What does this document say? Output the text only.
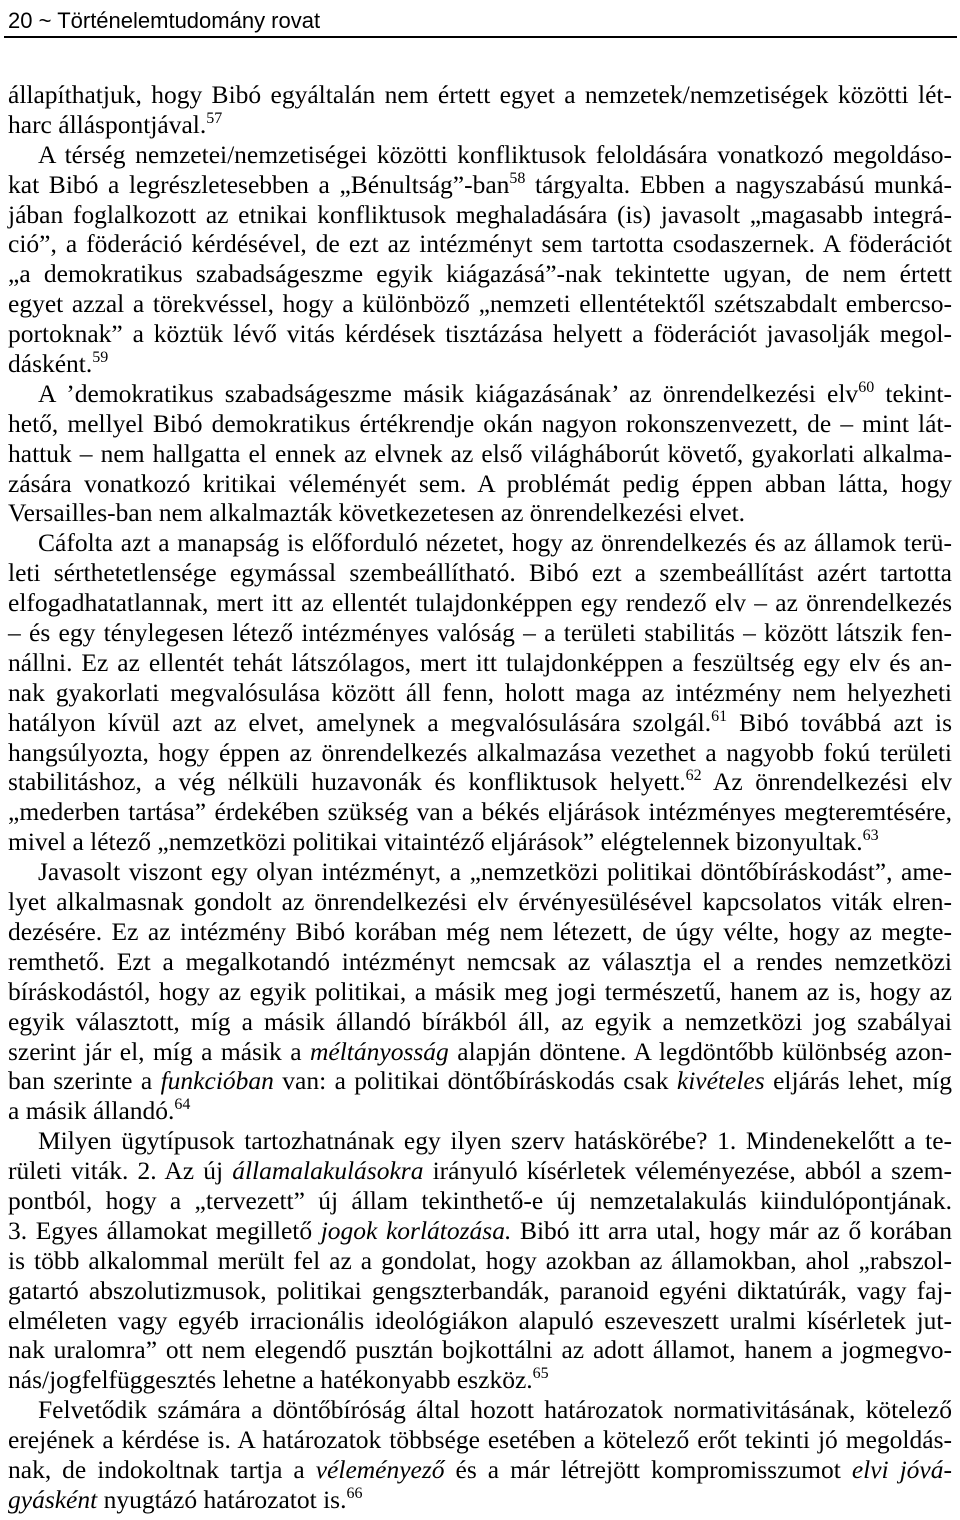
20 ~ Történelemtudomány rovat
állapíthatjuk, hogy Bibó egyáltalán nem értett egyet a nemzetek/nemzetiségek közötti lét-
harc álláspontjával.$^{57}$
A térség nemzetei/nemzetiségei közötti konfliktusok feloldására vonatkozó megoldáso-
kat Bibó a legrészletesebben a „Bénultság”-ban$^{58}$ tárgyalta. Ebben a nagyszabású munká-
jában foglalkozott az etnikai konfliktusok meghaladására (is) javasolt „magasabb integrá-
ció”, a föderáció kérdésével, de ezt az intézményt sem tartotta csodaszernek. A föderációt
„a demokratikus szabadságeszme egyik kiágazásá”-nak tekintette ugyan, de nem értett
egyet azzal a törekvéssel, hogy a különböző „nemzeti ellentétektől szétszabdalt embercso-
portoknak” a köztük lévő vitás kérdések tisztázása helyett a föderációt javasolják megol-
dásként.$^{59}$
A ’demokratikus szabadságeszme másik kiágazásának’ az önrendelkezési elv$^{60}$ tekint-
hető, mellyel Bibó demokratikus értékrendje okán nagyon rokonszenvezett, de – mint lát-
hattuk – nem hallgatta el ennek az elvnek az első világháborút követő, gyakorlati alkalma-
zására vonatkozó kritikai véleményét sem. A problémát pedig éppen abban látta, hogy
Versailles-ban nem alkalmazták következetesen az önrendelkezési elvet.
Cáfolta azt a manapság is előforduló nézetet, hogy az önrendelkezés és az államok terü-
leti sérthetetlensége egymással szembeállítható. Bibó ezt a szembeállítást azért tartotta
elfogadhatatlannak, mert itt az ellentét tulajdonképpen egy rendező elv – az önrendelkezés
– és egy ténylegesen létező intézményes valóság – a területi stabilitás – között látszik fen-
nállni. Ez az ellentét tehát látszólagos, mert itt tulajdonképpen a feszültség egy elv és an-
nak gyakorlati megvalósulása között áll fenn, holott maga az intézmény nem helyezheti
hatályon kívül azt az elvet, amelynek a megvalósulására szolgál.$^{61}$ Bibó továbbá azt is
hangsúlyozta, hogy éppen az önrendelkezés alkalmazása vezethet a nagyobb fokú területi
stabilitáshoz, a vég nélküli huzavonák és konfliktusok helyett.$^{62}$ Az önrendelkezési elv
„mederben tartása” érdekében szükség van a békés eljárások intézményes megteremtésére,
mivel a létező „nemzetközi politikai vitaintéző eljárások” elégtelennek bizonyultak.$^{63}$
Javasolt viszont egy olyan intézményt, a „nemzetközi politikai döntőbíráskodást”, ame-
lyet alkalmasnak gondolt az önrendelkezési elv érvényesülésével kapcsolatos viták elren-
dezésére. Ez az intézmény Bibó korában még nem létezett, de úgy vélte, hogy az megte-
remthető. Ezt a megalkotandó intézményt nemcsak az választja el a rendes nemzetközi
bíráskodástól, hogy az egyik politikai, a másik meg jogi természetű, hanem az is, hogy az
egyik választott, míg a másik állandó bírákból áll, az egyik a nemzetközi jog szabályai
szerint jár el, míg a másik a méltányosság alapján döntene. A legdöntőbb különbség azon-
ban szerinte a funkcióban van: a politikai döntőbíráskodás csak kivételes eljárás lehet, míg
a másik állandó.$^{64}$
Milyen ügytípusok tartozhatnának egy ilyen szerv hatáskörébe? 1. Mindenekelőtt a te-
rületi viták. 2. Az új államalakulásokra irányuló kísérletek véleményezése, abból a szem-
pontból, hogy a „tervezett” új állam tekinthető-e új nemzetalakulás kiindulópontjának.
3. Egyes államokat megillető jogok korlátozása. Bibó itt arra utal, hogy már az ő korában
is több alkalommal merült fel az a gondolat, hogy azokban az államokban, ahol „rabszol-
gatartó abszolutizmusok, politikai gengszterbandák, paranoid egyéni diktatúrák, vagy faj-
elméleten vagy egyéb irracionális ideológiákon alapuló eszeveszett uralmi kísérletek jut-
nak uralomra” ott nem elegendő pusztán bojkottálni az adott államot, hanem a jogmegvo-
nás/jogfelfüggesztés lehetne a hatékonyabb eszköz.$^{65}$
Felvetődik számára a döntőbíróság által hozott határozatok normativitásának, kötelező
erejének a kérdése is. A határozatok többsége esetében a kötelező erőt tekinti jó megoldás-
nak, de indokoltnak tartja a véleményező és a már létrejött kompromisszumot elvi jóvá-
gyásként nyugtázó határozatot is.$^{66}$
